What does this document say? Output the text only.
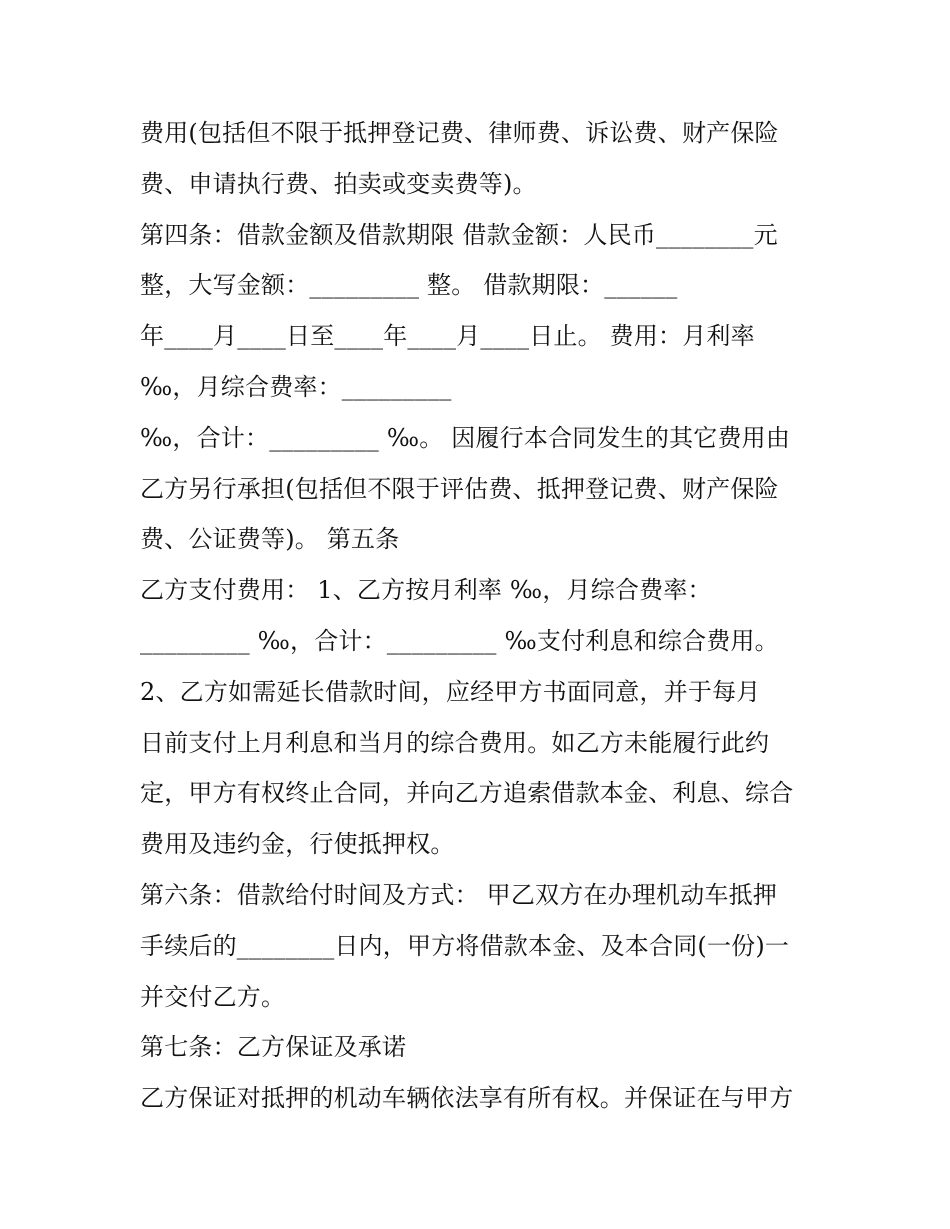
费用(包括但不限于抵押登记费、律师费、诉讼费、财产保险
费、申请执行费、拍卖或变卖费等)。
第四条：借款金额及借款期限 借款金额：人民币________元
整，大写金额：_________ 整。 借款期限：______
年____月____日至____年____月____日止。 费用：月利率
‰，月综合费率：_________
‰，合计：_________ ‰。 因履行本合同发生的其它费用由
乙方另行承担(包括但不限于评估费、抵押登记费、财产保险
费、公证费等)。 第五条
乙方支付费用： 1、乙方按月利率 ‰，月综合费率：
_________ ‰，合计：_________ ‰支付利息和综合费用。
2、乙方如需延长借款时间，应经甲方书面同意，并于每月
日前支付上月利息和当月的综合费用。如乙方未能履行此约
定，甲方有权终止合同，并向乙方追索借款本金、利息、综合
费用及违约金，行使抵押权。
第六条：借款给付时间及方式： 甲乙双方在办理机动车抵押
手续后的________日内，甲方将借款本金、及本合同(一份)一
并交付乙方。
第七条：乙方保证及承诺
乙方保证对抵押的机动车辆依法享有所有权。并保证在与甲方
